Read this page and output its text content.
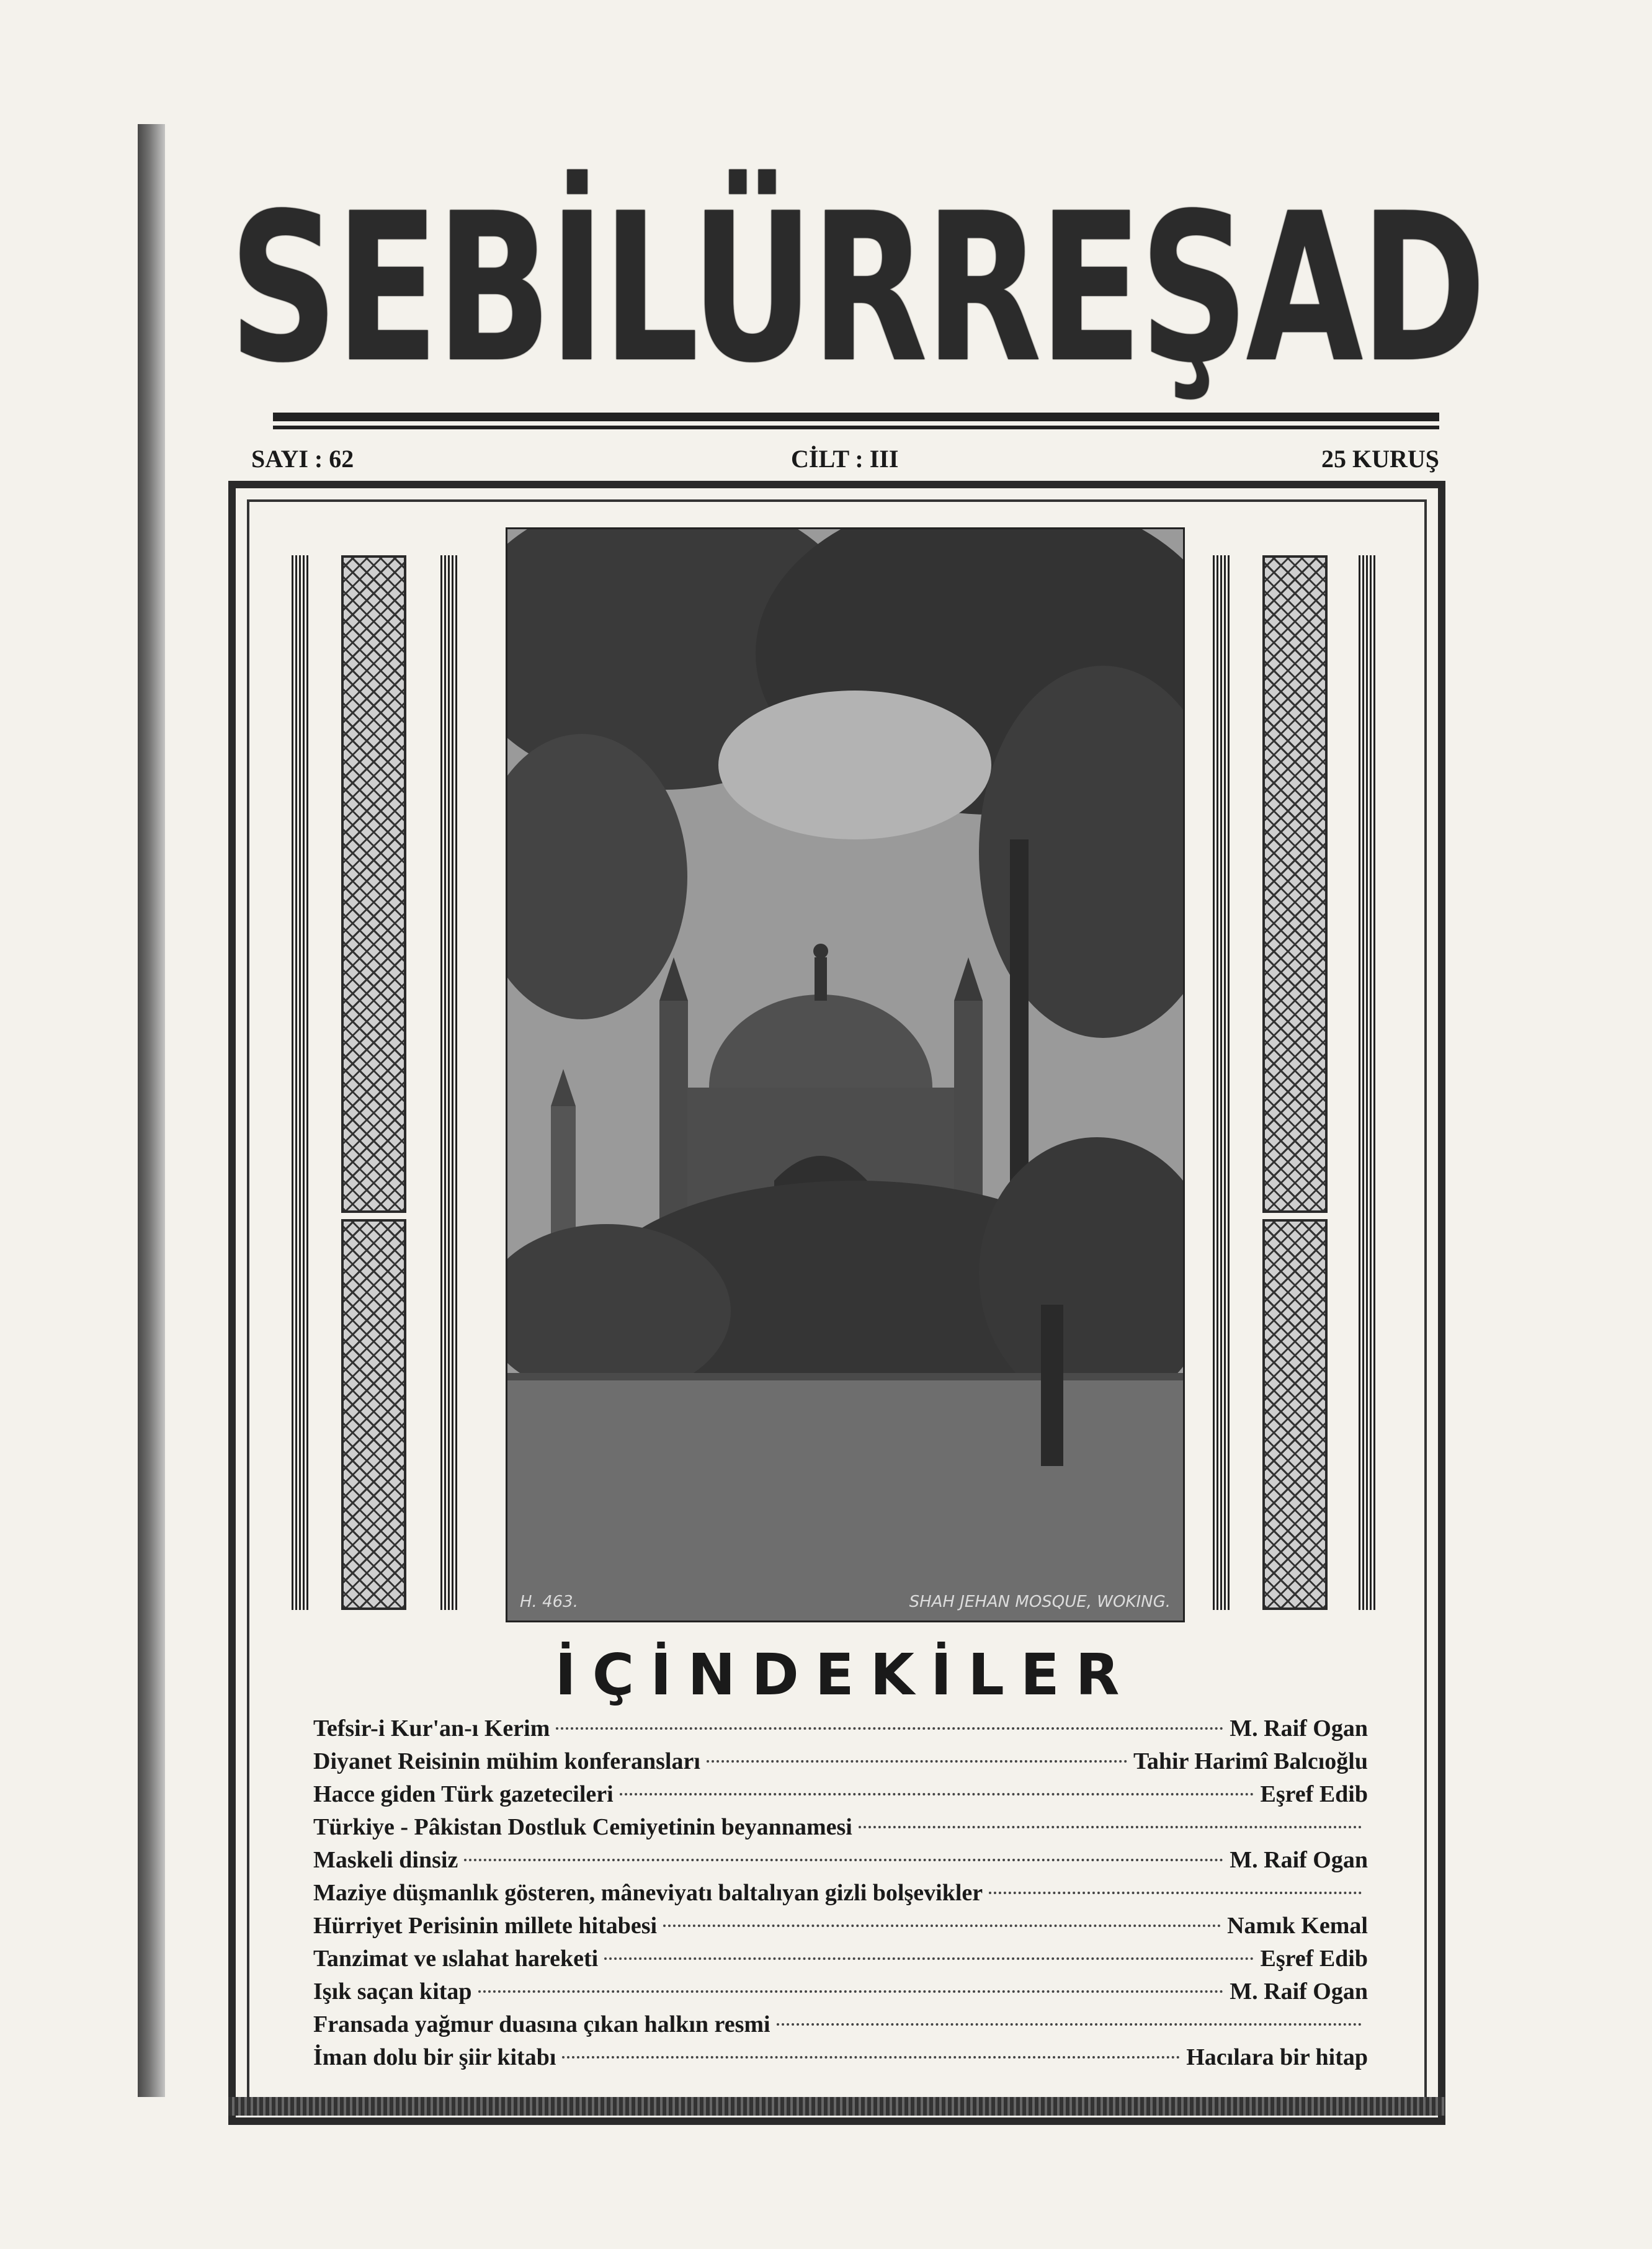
SEBİLÜRREŞAD
SAYI : 62	CİLT : III	25 KURUŞ
H. 463.	SHAH JEHAN MOSQUE, WOKING.
İÇİNDEKİLER
Tefsir-i Kur'an-ı Kerim	M. Raif Ogan
Diyanet Reisinin mühim konferansları	Tahir Harimî Balcıoğlu
Hacce giden Türk gazetecileri	Eşref Edib
Türkiye - Pâkistan Dostluk Cemiyetinin beyannamesi
Maskeli dinsiz	M. Raif Ogan
Maziye düşmanlık gösteren, mâneviyatı baltalıyan gizli bolşevikler
Hürriyet Perisinin millete hitabesi	Namık Kemal
Tanzimat ve ıslahat hareketi	Eşref Edib
Işık saçan kitap	M. Raif Ogan
Fransada yağmur duasına çıkan halkın resmi
İman dolu bir şiir kitabı	Hacılara bir hitap
